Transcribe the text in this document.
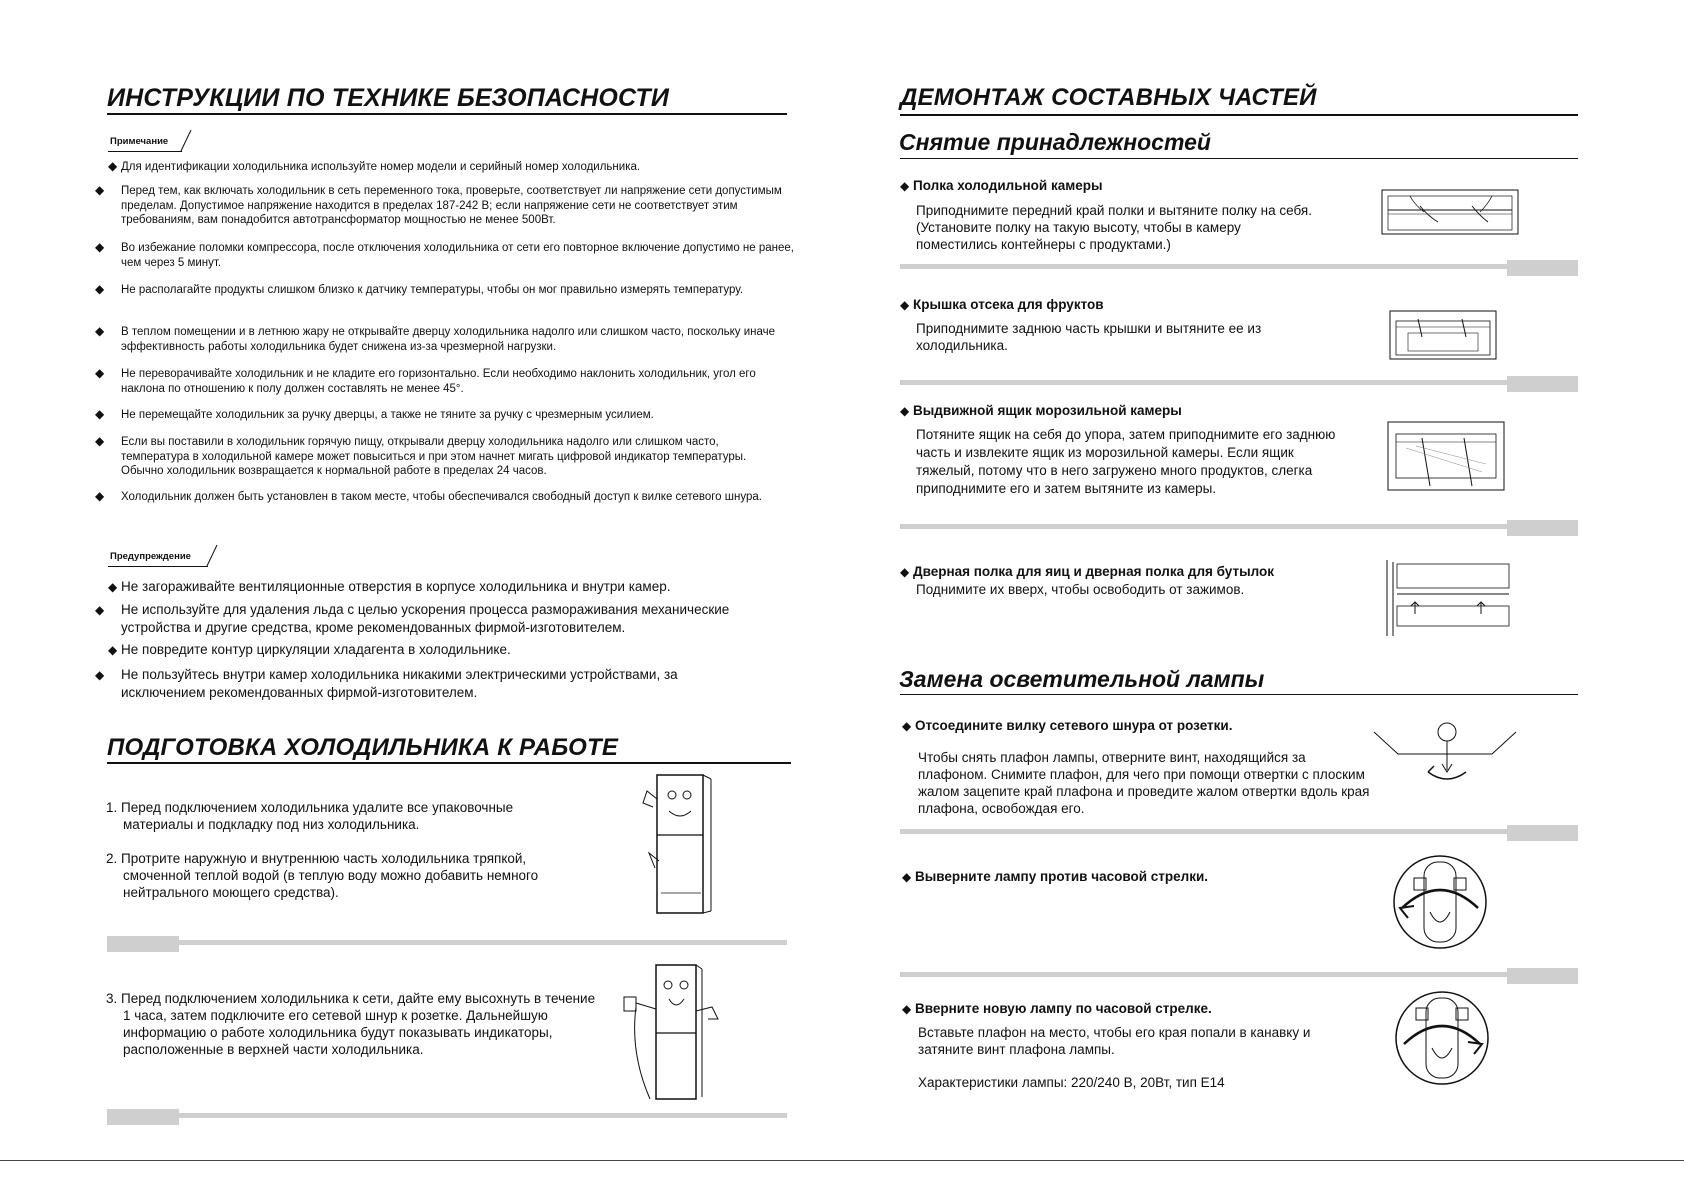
ИНСТРУКЦИИ ПО ТЕХНИКЕ БЕЗОПАСНОСТИ
Примечание
◆ Для идентификации холодильника используйте номер модели и серийный номер холодильника.
◆ Перед тем, как включать холодильник в сеть переменного тока, проверьте, соответствует ли напряжение сети допустимым пределам. Допустимое напряжение находится в пределах 187-242 В; если напряжение сети не соответствует этим требованиям, вам понадобится автотрансформатор мощностью не менее 500Вт.
◆ Во избежание поломки компрессора, после отключения холодильника от сети его повторное включение допустимо не ранее, чем через 5 минут.
◆ Не располагайте продукты слишком близко к датчику температуры, чтобы он мог правильно измерять температуру.
◆ В теплом помещении и в летнюю жару не открывайте дверцу холодильника надолго или слишком часто, поскольку иначе эффективность работы холодильника будет снижена из-за чрезмерной нагрузки.
◆ Не переворачивайте холодильник и не кладите его горизонтально. Если необходимо наклонить холодильник, угол его наклона по отношению к полу должен составлять не менее 45°.
◆ Не перемещайте холодильник за ручку дверцы, а также не тяните за ручку с чрезмерным усилием.
◆ Если вы поставили в холодильник горячую пищу, открывали дверцу холодильника надолго или слишком часто, температура в холодильной камере может повыситься и при этом начнет мигать цифровой индикатор температуры. Обычно холодильник возвращается к нормальной работе в пределах 24 часов.
◆ Холодильник должен быть установлен в таком месте, чтобы обеспечивался свободный доступ к вилке сетевого шнура.
Предупреждение
◆ Не загораживайте вентиляционные отверстия в корпусе холодильника и внутри камер.
◆ Не используйте для удаления льда с целью ускорения процесса размораживания механические устройства и другие средства, кроме рекомендованных фирмой-изготовителем.
◆ Не повредите контур циркуляции хладагента в холодильнике.
◆ Не пользуйтесь внутри камер холодильника никакими электрическими устройствами, за исключением рекомендованных фирмой-изготовителем.
ПОДГОТОВКА ХОЛОДИЛЬНИКА К РАБОТЕ
1. Перед подключением холодильника удалите все упаковочные материалы и подкладку под низ холодильника.
2. Протрите наружную и внутреннюю часть холодильника тряпкой, смоченной теплой водой (в теплую воду можно добавить немного нейтрального моющего средства).
3. Перед подключением холодильника к сети, дайте ему высохнуть в течение 1 часа, затем подключите его сетевой шнур к розетке. Дальнейшую информацию о работе холодильника будут показывать индикаторы, расположенные в верхней части холодильника.
ДЕМОНТАЖ СОСТАВНЫХ ЧАСТЕЙ
Снятие принадлежностей
◆ Полка холодильной камеры
Приподнимите передний край полки и вытяните полку на себя. (Установите полку на такую высоту, чтобы в камеру поместились контейнеры с продуктами.)
◆ Крышка отсека для фруктов
Приподнимите заднюю часть крышки и вытяните ее из холодильника.
◆ Выдвижной ящик морозильной камеры
Потяните ящик на себя до упора, затем приподнимите его заднюю часть и извлеките ящик из морозильной камеры. Если ящик тяжелый, потому что в него загружено много продуктов, слегка приподнимите его и затем вытяните из камеры.
◆ Дверная полка для яиц и дверная полка для бутылок
Поднимите их вверх, чтобы освободить от зажимов.
Замена осветительной лампы
◆ Отсоедините вилку сетевого шнура от розетки.
Чтобы снять плафон лампы, отверните винт, находящийся за плафоном. Снимите плафон, для чего при помощи отвертки с плоским жалом зацепите край плафона и проведите жалом отвертки вдоль края плафона, освобождая его.
◆ Выверните лампу против часовой стрелки.
◆ Вверните новую лампу по часовой стрелке.
Вставьте плафон на место, чтобы его края попали в канавку и затяните винт плафона лампы.
Характеристики лампы: 220/240 В, 20Вт, тип Е14
